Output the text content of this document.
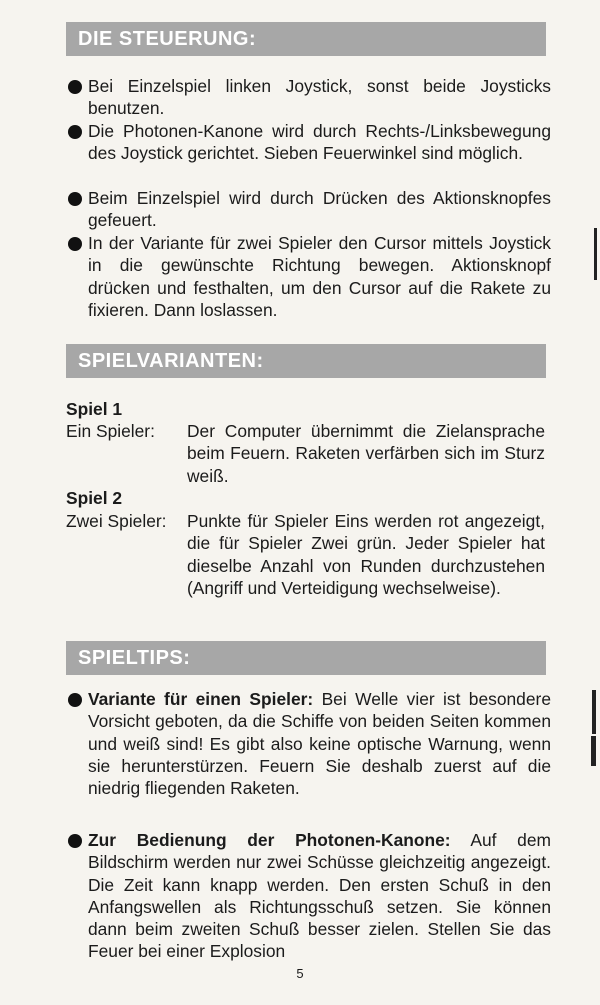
DIE STEUERUNG:
Bei Einzelspiel linken Joystick, sonst beide Joysticks benutzen.
Die Photonen-Kanone wird durch Rechts-/Linksbewegung des Joystick gerichtet. Sieben Feuerwinkel sind möglich.
Beim Einzelspiel wird durch Drücken des Aktionsknopfes gefeuert.
In der Variante für zwei Spieler den Cursor mittels Joystick in die gewünschte Richtung bewegen. Aktionsknopf drücken und festhalten, um den Cursor auf die Rakete zu fixieren. Dann loslassen.
SPIELVARIANTEN:
Spiel 1
Ein Spieler: Der Computer übernimmt die Zielansprache beim Feuern. Raketen verfärben sich im Sturz weiß.
Spiel 2
Zwei Spieler: Punkte für Spieler Eins werden rot angezeigt, die für Spieler Zwei grün. Jeder Spieler hat dieselbe Anzahl von Runden durchzustehen (Angriff und Verteidigung wechselweise).
SPIELTIPS:
Variante für einen Spieler: Bei Welle vier ist besondere Vorsicht geboten, da die Schiffe von beiden Seiten kommen und weiß sind! Es gibt also keine optische Warnung, wenn sie herunterstürzen. Feuern Sie deshalb zuerst auf die niedrig fliegenden Raketen.
Zur Bedienung der Photonen-Kanone: Auf dem Bildschirm werden nur zwei Schüsse gleichzeitig angezeigt. Die Zeit kann knapp werden. Den ersten Schuß in den Anfangswellen als Richtungsschuß setzen. Sie können dann beim zweiten Schuß besser zielen. Stellen Sie das Feuer bei einer Explosion
5
